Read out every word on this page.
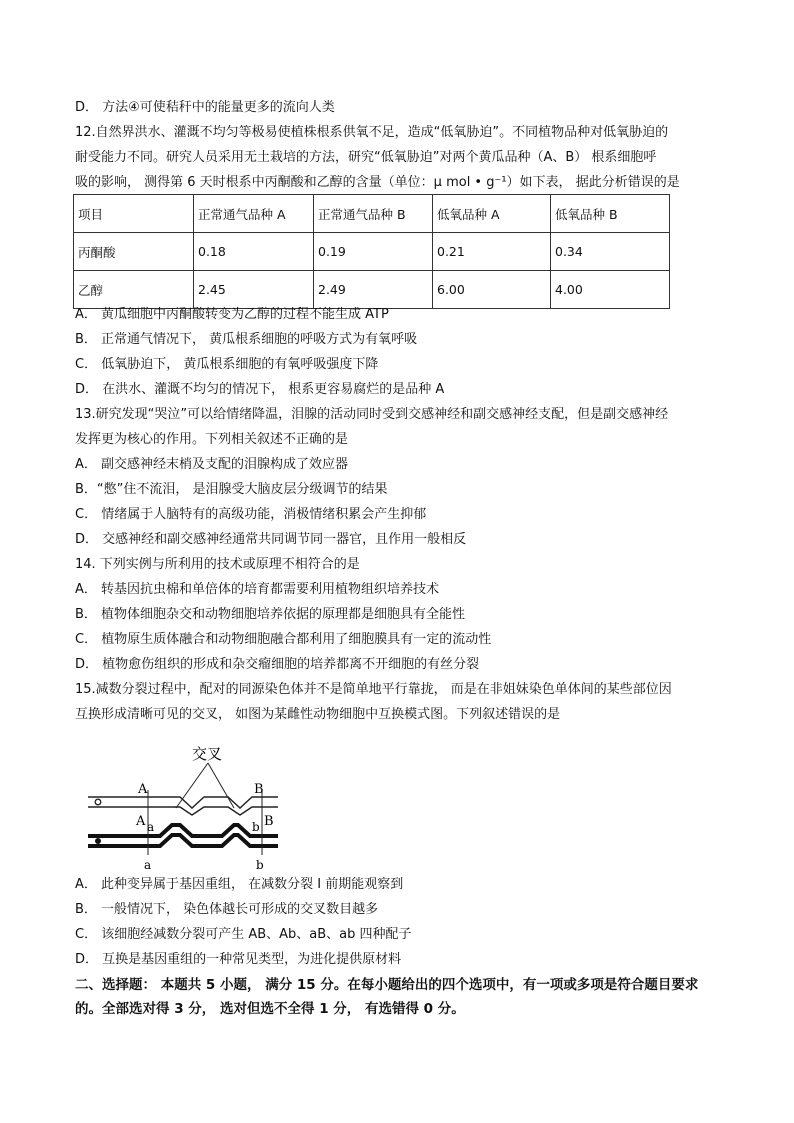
D． 方法④可使秸秆中的能量更多的流向人类
12.自然界洪水、灌溉不均匀等极易使植株根系供氧不足，造成“低氧胁迫”。不同植物品种对低氧胁迫的
耐受能力不同。研究人员采用无土栽培的方法，研究“低氧胁迫”对两个黄瓜品种（A、B） 根系细胞呼
吸的影响， 测得第 6 天时根系中丙酮酸和乙醇的含量（单位：μ mol • g⁻¹）如下表， 据此分析错误的是
项目	正常通气品种 A	正常通气品种 B	低氧品种 A	低氧品种 B
丙酮酸	0.18	0.19	0.21	0.34
乙醇	2.45	2.49	6.00	4.00
A． 黄瓜细胞中丙酮酸转变为乙醇的过程不能生成 ATP
B． 正常通气情况下， 黄瓜根系细胞的呼吸方式为有氧呼吸
C． 低氧胁迫下， 黄瓜根系细胞的有氧呼吸强度下降
D． 在洪水、灌溉不均匀的情况下， 根系更容易腐烂的是品种 A
13.研究发现“哭泣”可以给情绪降温，泪腺的活动同时受到交感神经和副交感神经支配，但是副交感神经
发挥更为核心的作用。下列相关叙述不正确的是
A． 副交感神经末梢及支配的泪腺构成了效应器
B．“憋”住不流泪， 是泪腺受大脑皮层分级调节的结果
C． 情绪属于人脑特有的高级功能，消极情绪积累会产生抑郁
D． 交感神经和副交感神经通常共同调节同一器官，且作用一般相反
14. 下列实例与所利用的技术或原理不相符合的是
A． 转基因抗虫棉和单倍体的培育都需要利用植物组织培养技术
B． 植物体细胞杂交和动物细胞培养依据的原理都是细胞具有全能性
C． 植物原生质体融合和动物细胞融合都利用了细胞膜具有一定的流动性
D． 植物愈伤组织的形成和杂交瘤细胞的培养都离不开细胞的有丝分裂
15.减数分裂过程中，配对的同源染色体并不是简单地平行靠拢， 而是在非姐妹染色单体间的某些部位因
互换形成清晰可见的交叉， 如图为某雌性动物细胞中互换模式图。下列叙述错误的是
交叉
A	B
A a	b B
a	b
A． 此种变异属于基因重组， 在减数分裂 I 前期能观察到
B． 一般情况下， 染色体越长可形成的交叉数目越多
C． 该细胞经减数分裂可产生 AB、Ab、aB、ab 四种配子
D． 互换是基因重组的一种常见类型，为进化提供原材料
二、选择题： 本题共 5 小题， 满分 15 分。在每小题给出的四个选项中，有一项或多项是符合题目要求的。全部选对得 3 分， 选对但选不全得 1 分， 有选错得 0 分。
